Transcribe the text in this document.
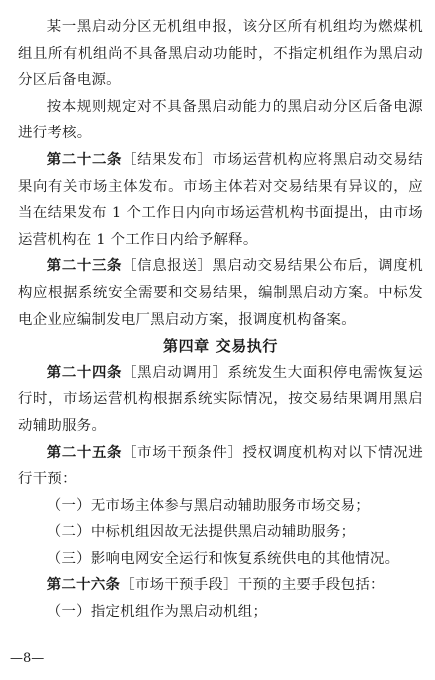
某一黑启动分区无机组申报，该分区所有机组均为燃煤机组且所有机组尚不具备黑启动功能时，不指定机组作为黑启动分区后备电源。

按本规则规定对不具备黑启动能力的黑启动分区后备电源进行考核。

第二十二条［结果发布］市场运营机构应将黑启动交易结果向有关市场主体发布。市场主体若对交易结果有异议的，应当在结果发布 1 个工作日内向市场运营机构书面提出，由市场运营机构在 1 个工作日内给予解释。

第二十三条［信息报送］黑启动交易结果公布后，调度机构应根据系统安全需要和交易结果，编制黑启动方案。中标发电企业应编制发电厂黑启动方案，报调度机构备案。

第四章 交易执行

第二十四条［黑启动调用］系统发生大面积停电需恢复运行时，市场运营机构根据系统实际情况，按交易结果调用黑启动辅助服务。

第二十五条［市场干预条件］授权调度机构对以下情况进行干预：

（一）无市场主体参与黑启动辅助服务市场交易；

（二）中标机组因故无法提供黑启动辅助服务；

（三）影响电网安全运行和恢复系统供电的其他情况。

第二十六条［市场干预手段］干预的主要手段包括：

（一）指定机组作为黑启动机组；

—8—
